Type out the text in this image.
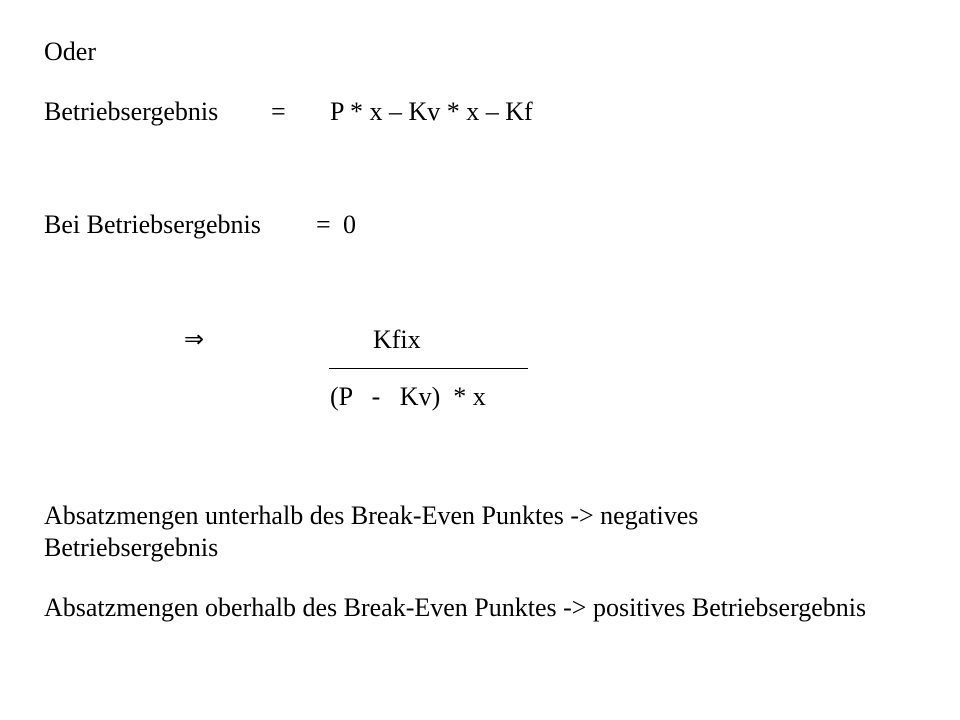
Oder
Betriebsergebnis = P * x – Kv * x – Kf
Bei Betriebsergebnis = 0
⇒	Kfix
(P   -   Kv)  * x
Absatzmengen unterhalb des Break-Even Punktes -> negatives Betriebsergebnis
Absatzmengen oberhalb des Break-Even Punktes -> positives Betriebsergebnis
